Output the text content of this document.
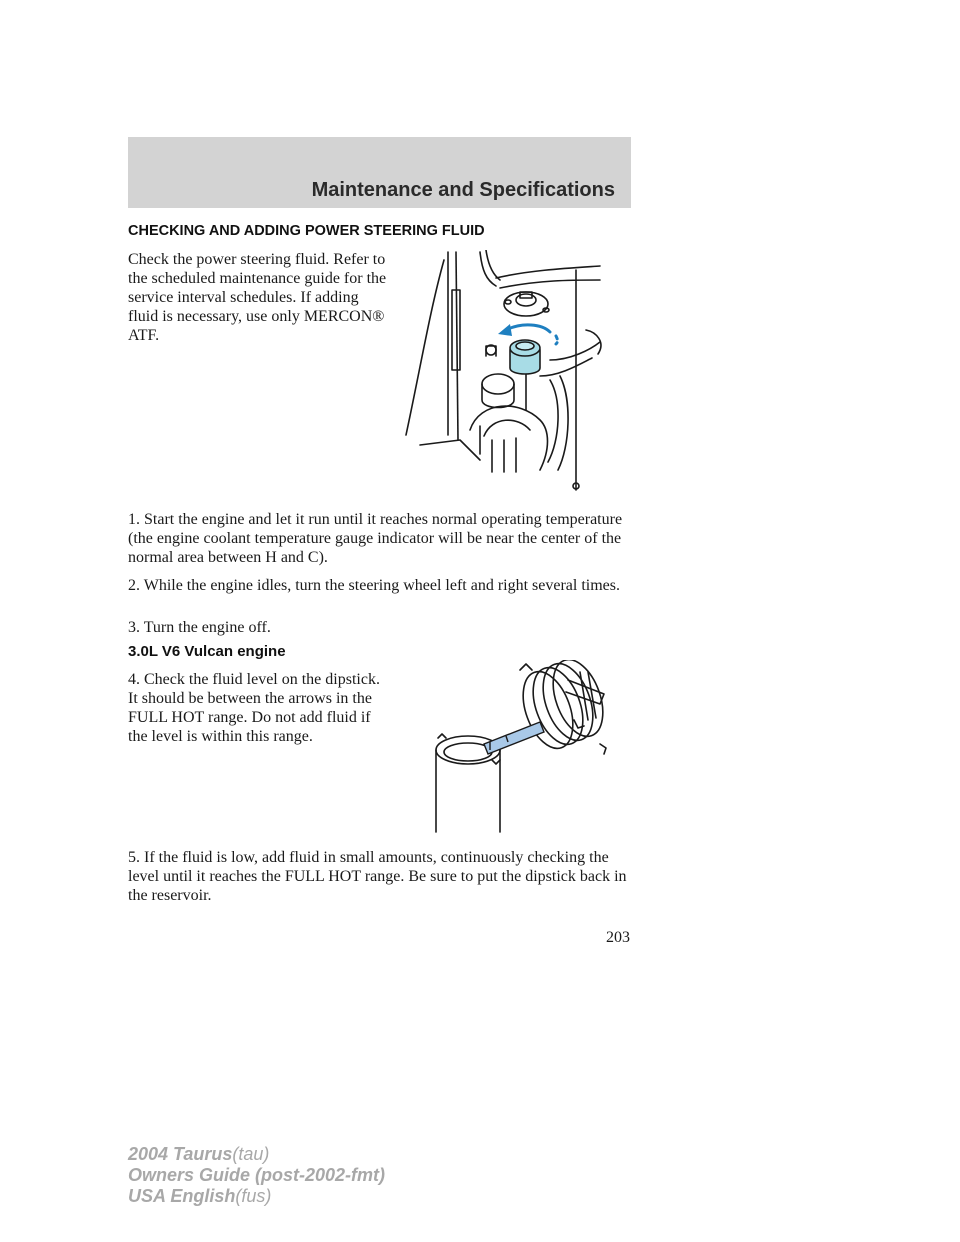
Maintenance and Specifications
CHECKING AND ADDING POWER STEERING FLUID

Check the power steering fluid. Refer to the scheduled maintenance guide for the service interval schedules. If adding fluid is necessary, use only MERCON® ATF.

1. Start the engine and let it run until it reaches normal operating temperature (the engine coolant temperature gauge indicator will be near the center of the normal area between H and C).

2. While the engine idles, turn the steering wheel left and right several times.

3. Turn the engine off.

3.0L V6 Vulcan engine

4. Check the fluid level on the dipstick. It should be between the arrows in the FULL HOT range. Do not add fluid if the level is within this range.

5. If the fluid is low, add fluid in small amounts, continuously checking the level until it reaches the FULL HOT range. Be sure to put the dipstick back in the reservoir.

203
2004 Taurus(tau)
Owners Guide (post-2002-fmt)
USA English(fus)
